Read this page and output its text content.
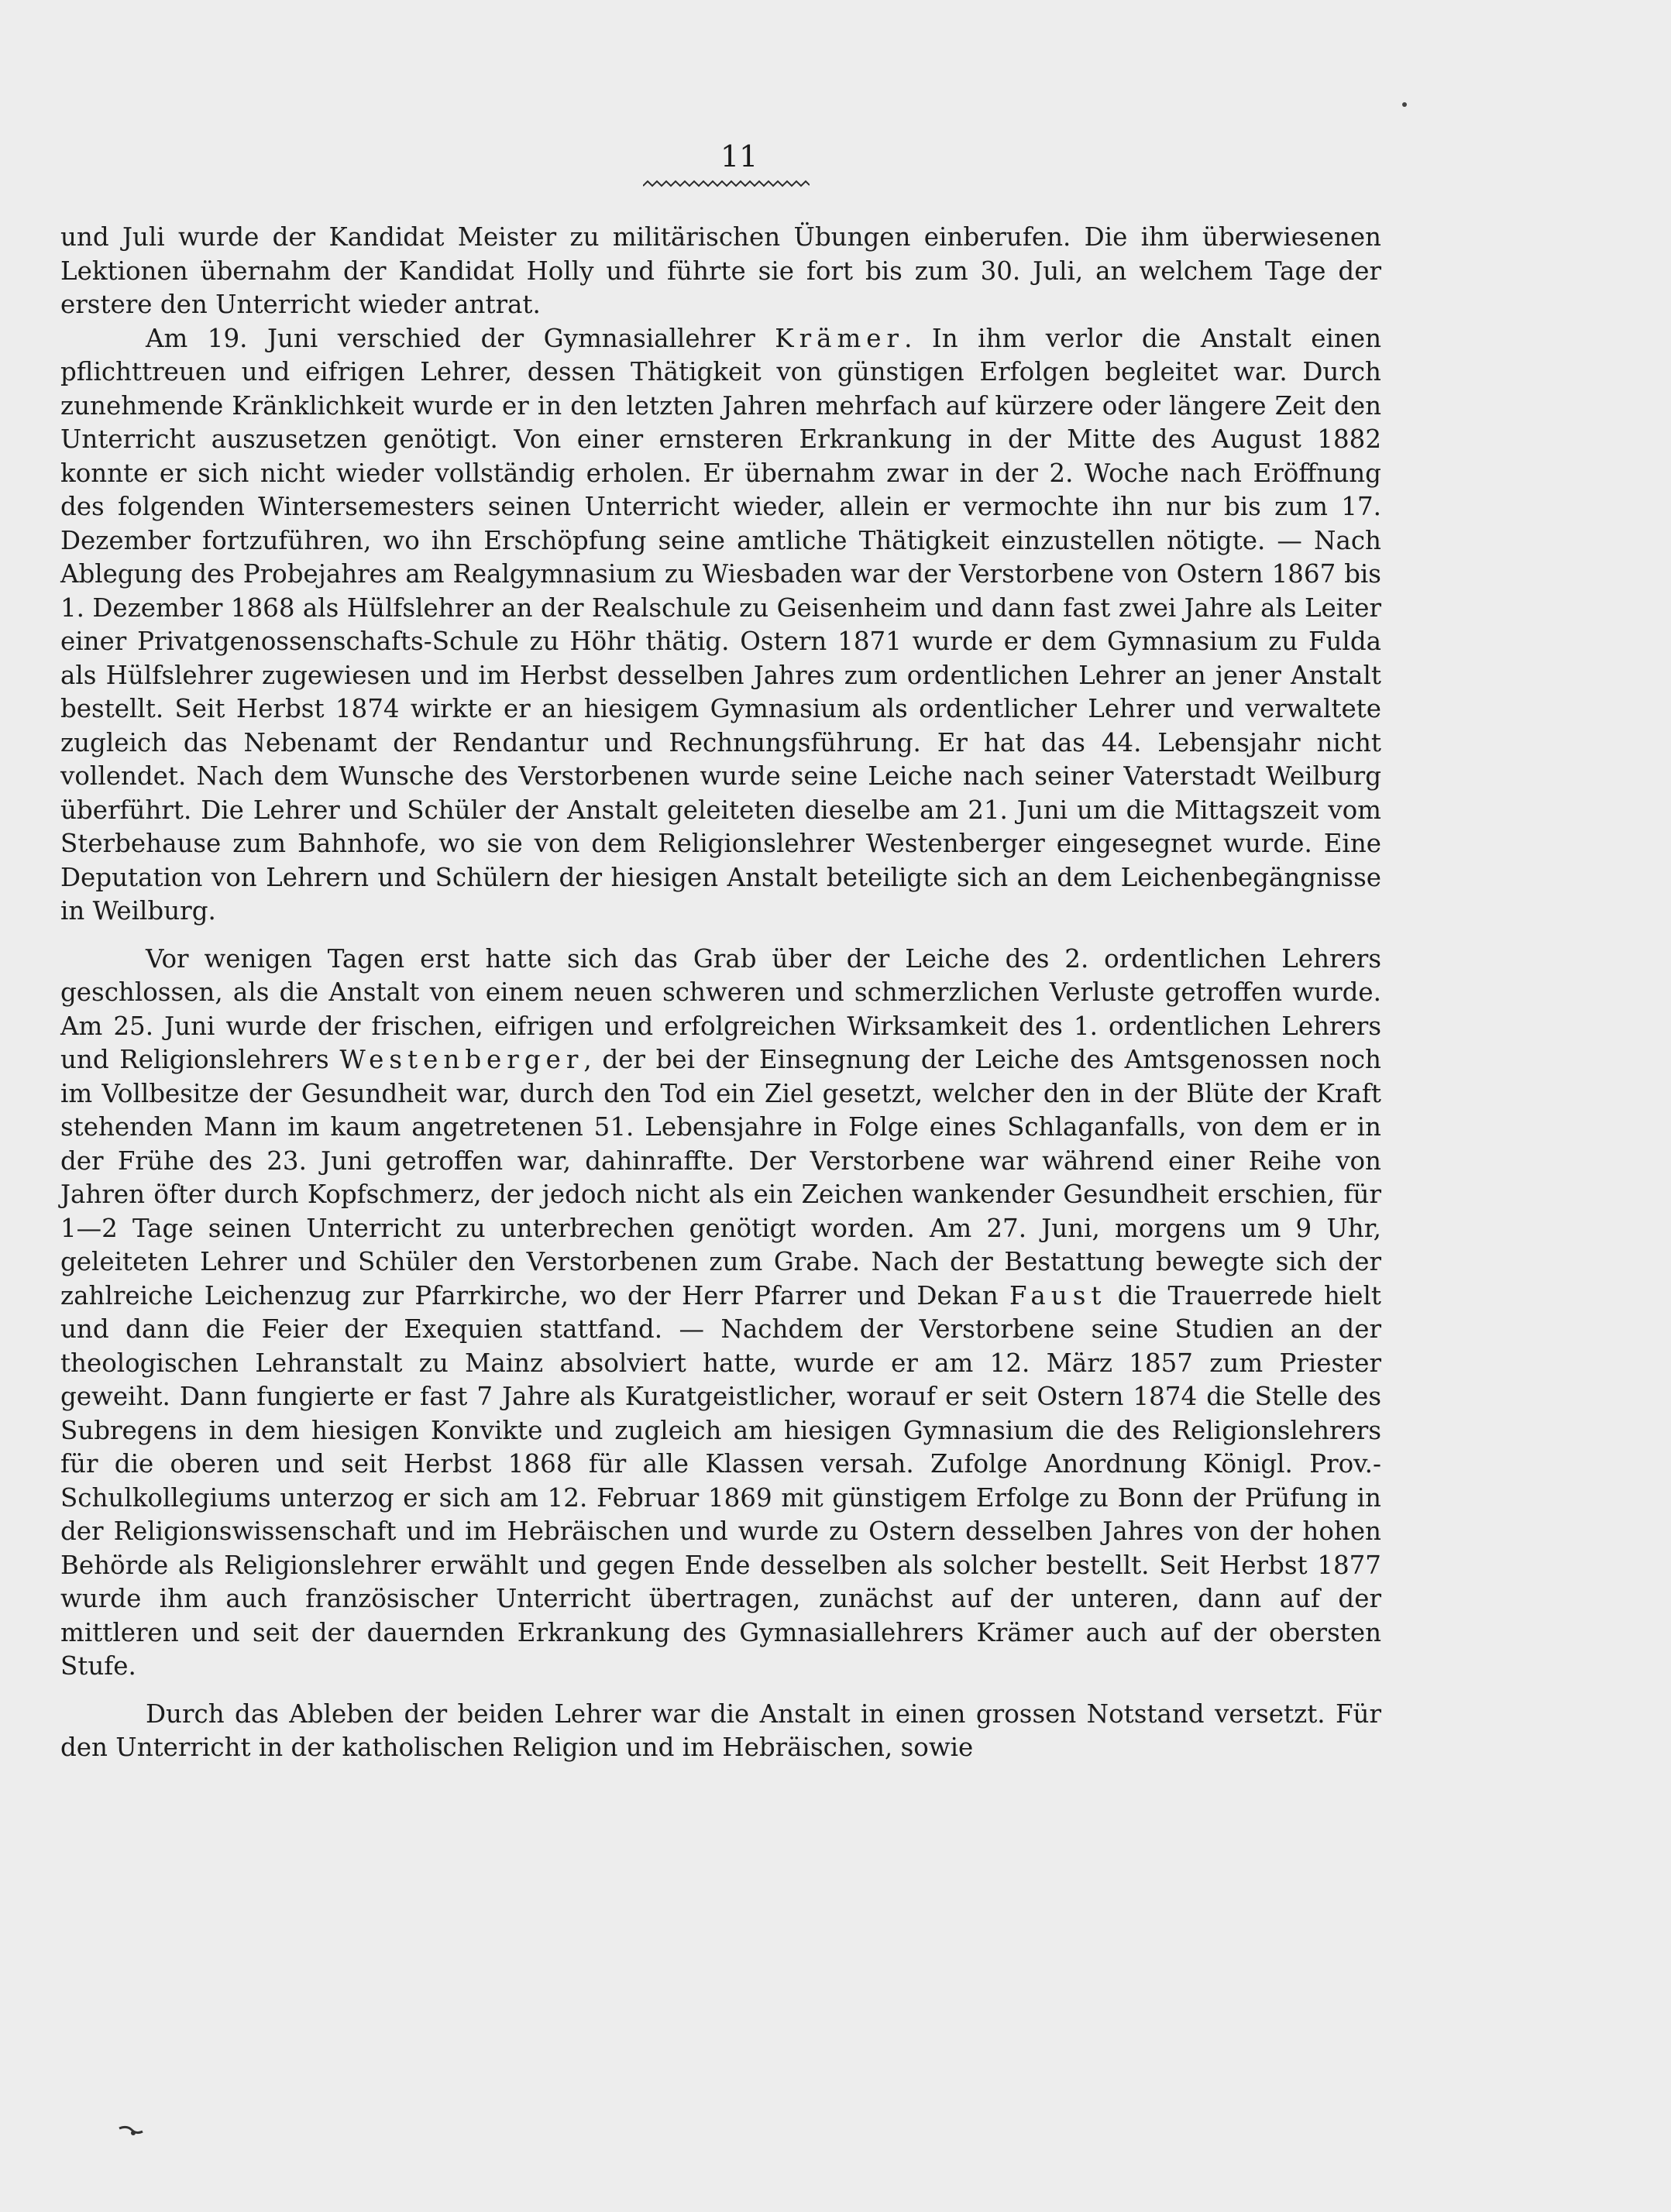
11

und Juli wurde der Kandidat Meister zu militärischen Übungen einberufen. Die ihm überwiesenen Lektionen übernahm der Kandidat Holly und führte sie fort bis zum 30. Juli, an welchem Tage der erstere den Unterricht wieder antrat.

Am 19. Juni verschied der Gymnasiallehrer Krämer. In ihm verlor die Anstalt einen pflichttreuen und eifrigen Lehrer, dessen Thätigkeit von günstigen Erfolgen begleitet war. Durch zunehmende Kränklichkeit wurde er in den letzten Jahren mehrfach auf kürzere oder längere Zeit den Unterricht auszusetzen genötigt. Von einer ernsteren Erkrankung in der Mitte des August 1882 konnte er sich nicht wieder vollständig erholen. Er übernahm zwar in der 2. Woche nach Eröffnung des folgenden Wintersemesters seinen Unterricht wieder, allein er vermochte ihn nur bis zum 17. Dezember fortzuführen, wo ihn Erschöpfung seine amtliche Thätigkeit einzustellen nötigte. — Nach Ablegung des Probejahres am Realgymnasium zu Wiesbaden war der Verstorbene von Ostern 1867 bis 1. Dezember 1868 als Hülfslehrer an der Realschule zu Geisenheim und dann fast zwei Jahre als Leiter einer Privatgenossenschafts-Schule zu Höhr thätig. Ostern 1871 wurde er dem Gymnasium zu Fulda als Hülfslehrer zugewiesen und im Herbst desselben Jahres zum ordentlichen Lehrer an jener Anstalt bestellt. Seit Herbst 1874 wirkte er an hiesigem Gymnasium als ordentlicher Lehrer und verwaltete zugleich das Nebenamt der Rendantur und Rechnungsführung. Er hat das 44. Lebensjahr nicht vollendet. Nach dem Wunsche des Verstorbenen wurde seine Leiche nach seiner Vaterstadt Weilburg überführt. Die Lehrer und Schüler der Anstalt geleiteten dieselbe am 21. Juni um die Mittagszeit vom Sterbehause zum Bahnhofe, wo sie von dem Religionslehrer Westenberger eingesegnet wurde. Eine Deputation von Lehrern und Schülern der hiesigen Anstalt beteiligte sich an dem Leichenbegängnisse in Weilburg.

Vor wenigen Tagen erst hatte sich das Grab über der Leiche des 2. ordentlichen Lehrers geschlossen, als die Anstalt von einem neuen schweren und schmerzlichen Verluste getroffen wurde. Am 25. Juni wurde der frischen, eifrigen und erfolgreichen Wirksamkeit des 1. ordentlichen Lehrers und Religionslehrers Westenberger, der bei der Einsegnung der Leiche des Amtsgenossen noch im Vollbesitze der Gesundheit war, durch den Tod ein Ziel gesetzt, welcher den in der Blüte der Kraft stehenden Mann im kaum angetretenen 51. Lebensjahre in Folge eines Schlaganfalls, von dem er in der Frühe des 23. Juni getroffen war, dahinraffte. Der Verstorbene war während einer Reihe von Jahren öfter durch Kopfschmerz, der jedoch nicht als ein Zeichen wankender Gesundheit erschien, für 1—2 Tage seinen Unterricht zu unterbrechen genötigt worden. Am 27. Juni, morgens um 9 Uhr, geleiteten Lehrer und Schüler den Verstorbenen zum Grabe. Nach der Bestattung bewegte sich der zahlreiche Leichenzug zur Pfarrkirche, wo der Herr Pfarrer und Dekan Faust die Trauerrede hielt und dann die Feier der Exequien stattfand. — Nachdem der Verstorbene seine Studien an der theologischen Lehranstalt zu Mainz absolviert hatte, wurde er am 12. März 1857 zum Priester geweiht. Dann fungierte er fast 7 Jahre als Kuratgeistlicher, worauf er seit Ostern 1874 die Stelle des Subregens in dem hiesigen Konvikte und zugleich am hiesigen Gymnasium die des Religionslehrers für die oberen und seit Herbst 1868 für alle Klassen versah. Zufolge Anordnung Königl. Prov.-Schulkollegiums unterzog er sich am 12. Februar 1869 mit günstigem Erfolge zu Bonn der Prüfung in der Religionswissenschaft und im Hebräischen und wurde zu Ostern desselben Jahres von der hohen Behörde als Religionslehrer erwählt und gegen Ende desselben als solcher bestellt. Seit Herbst 1877 wurde ihm auch französischer Unterricht übertragen, zunächst auf der unteren, dann auf der mittleren und seit der dauernden Erkrankung des Gymnasiallehrers Krämer auch auf der obersten Stufe.

Durch das Ableben der beiden Lehrer war die Anstalt in einen grossen Notstand versetzt. Für den Unterricht in der katholischen Religion und im Hebräischen, sowie
